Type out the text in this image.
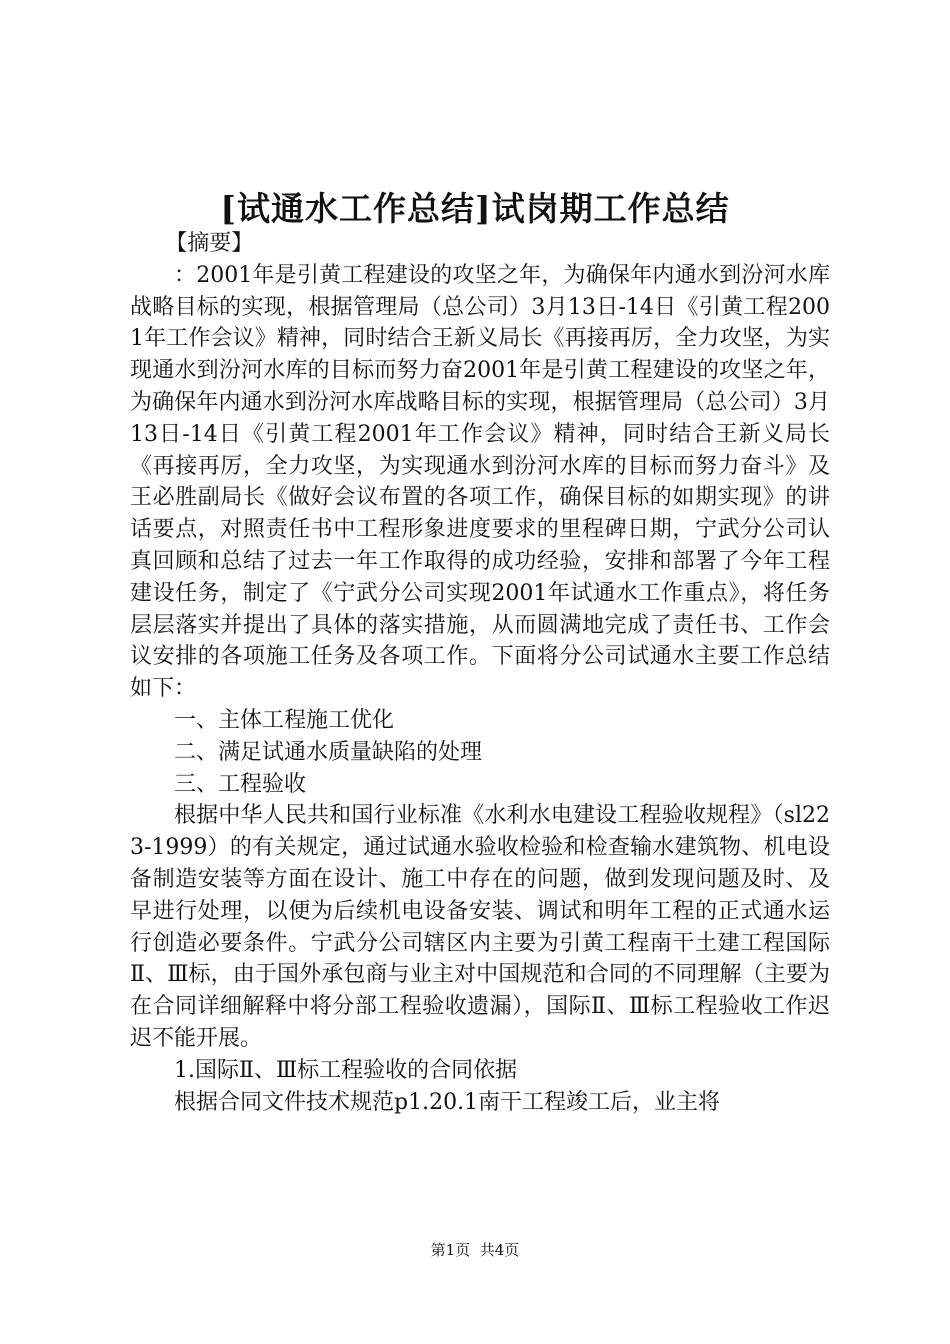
[试通水工作总结]试岗期工作总结

【摘要】

：2001年是引黄工程建设的攻坚之年，为确保年内通水到汾河水库战略目标的实现，根据管理局（总公司）3月13日-14日《引黄工程2001年工作会议》精神，同时结合王新义局长《再接再厉，全力攻坚，为实现通水到汾河水库的目标而努力奋2001年是引黄工程建设的攻坚之年，为确保年内通水到汾河水库战略目标的实现，根据管理局（总公司）3月13日-14日《引黄工程2001年工作会议》精神，同时结合王新义局长《再接再厉，全力攻坚，为实现通水到汾河水库的目标而努力奋斗》及王必胜副局长《做好会议布置的各项工作，确保目标的如期实现》的讲话要点，对照责任书中工程形象进度要求的里程碑日期，宁武分公司认真回顾和总结了过去一年工作取得的成功经验，安排和部署了今年工程建设任务，制定了《宁武分公司实现2001年试通水工作重点》，将任务层层落实并提出了具体的落实措施，从而圆满地完成了责任书、工作会议安排的各项施工任务及各项工作。下面将分公司试通水主要工作总结如下：

一、主体工程施工优化

二、满足试通水质量缺陷的处理

三、工程验收

根据中华人民共和国行业标准《水利水电建设工程验收规程》（sl223-1999）的有关规定，通过试通水验收检验和检查输水建筑物、机电设备制造安装等方面在设计、施工中存在的问题，做到发现问题及时、及早进行处理，以便为后续机电设备安装、调试和明年工程的正式通水运行创造必要条件。宁武分公司辖区内主要为引黄工程南干土建工程国际Ⅱ、Ⅲ标，由于国外承包商与业主对中国规范和合同的不同理解（主要为在合同详细解释中将分部工程验收遗漏），国际Ⅱ、Ⅲ标工程验收工作迟迟不能开展。

1.国际Ⅱ、Ⅲ标工程验收的合同依据

根据合同文件技术规范p1.20.1南干工程竣工后，业主将

第1页 共4页
